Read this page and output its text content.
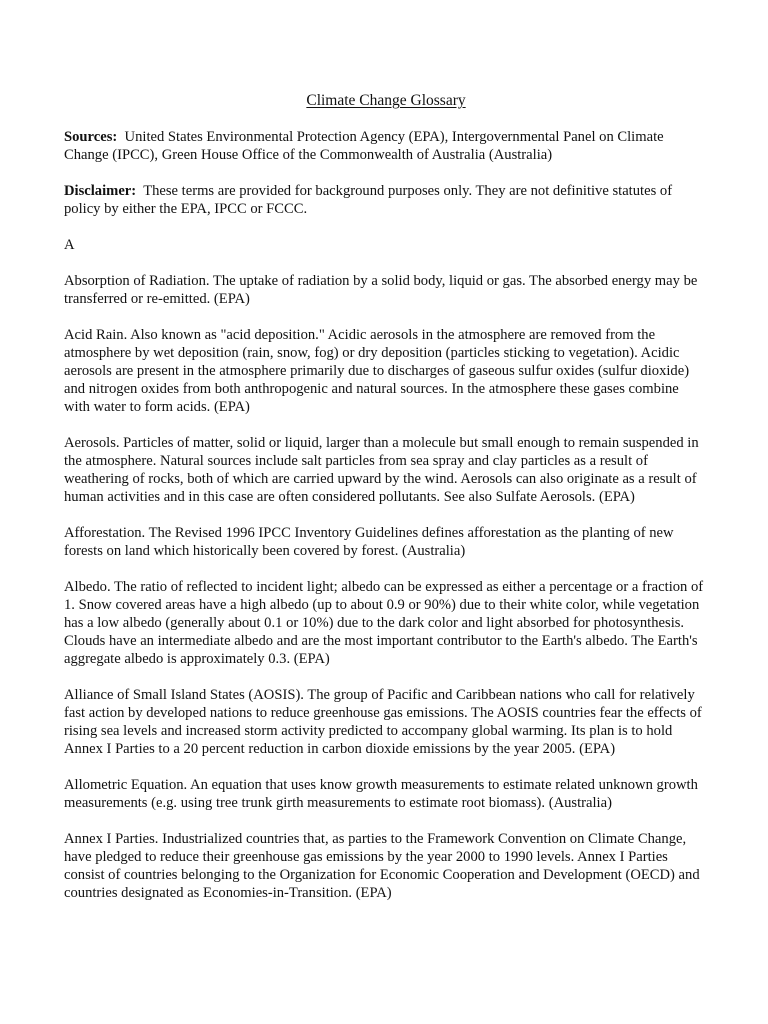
Climate Change Glossary

Sources: United States Environmental Protection Agency (EPA), Intergovernmental Panel on Climate Change (IPCC), Green House Office of the Commonwealth of Australia (Australia)

Disclaimer: These terms are provided for background purposes only. They are not definitive statutes of policy by either the EPA, IPCC or FCCC.

A

Absorption of Radiation. The uptake of radiation by a solid body, liquid or gas. The absorbed energy may be transferred or re-emitted. (EPA)

Acid Rain. Also known as "acid deposition." Acidic aerosols in the atmosphere are removed from the atmosphere by wet deposition (rain, snow, fog) or dry deposition (particles sticking to vegetation). Acidic aerosols are present in the atmosphere primarily due to discharges of gaseous sulfur oxides (sulfur dioxide) and nitrogen oxides from both anthropogenic and natural sources. In the atmosphere these gases combine with water to form acids. (EPA)

Aerosols. Particles of matter, solid or liquid, larger than a molecule but small enough to remain suspended in the atmosphere. Natural sources include salt particles from sea spray and clay particles as a result of weathering of rocks, both of which are carried upward by the wind. Aerosols can also originate as a result of human activities and in this case are often considered pollutants. See also Sulfate Aerosols. (EPA)

Afforestation. The Revised 1996 IPCC Inventory Guidelines defines afforestation as the planting of new forests on land which historically been covered by forest. (Australia)

Albedo. The ratio of reflected to incident light; albedo can be expressed as either a percentage or a fraction of 1. Snow covered areas have a high albedo (up to about 0.9 or 90%) due to their white color, while vegetation has a low albedo (generally about 0.1 or 10%) due to the dark color and light absorbed for photosynthesis. Clouds have an intermediate albedo and are the most important contributor to the Earth's albedo. The Earth's aggregate albedo is approximately 0.3. (EPA)

Alliance of Small Island States (AOSIS). The group of Pacific and Caribbean nations who call for relatively fast action by developed nations to reduce greenhouse gas emissions. The AOSIS countries fear the effects of rising sea levels and increased storm activity predicted to accompany global warming. Its plan is to hold Annex I Parties to a 20 percent reduction in carbon dioxide emissions by the year 2005. (EPA)

Allometric Equation. An equation that uses know growth measurements to estimate related unknown growth measurements (e.g. using tree trunk girth measurements to estimate root biomass). (Australia)

Annex I Parties. Industrialized countries that, as parties to the Framework Convention on Climate Change, have pledged to reduce their greenhouse gas emissions by the year 2000 to 1990 levels. Annex I Parties consist of countries belonging to the Organization for Economic Cooperation and Development (OECD) and countries designated as Economies-in-Transition. (EPA)
